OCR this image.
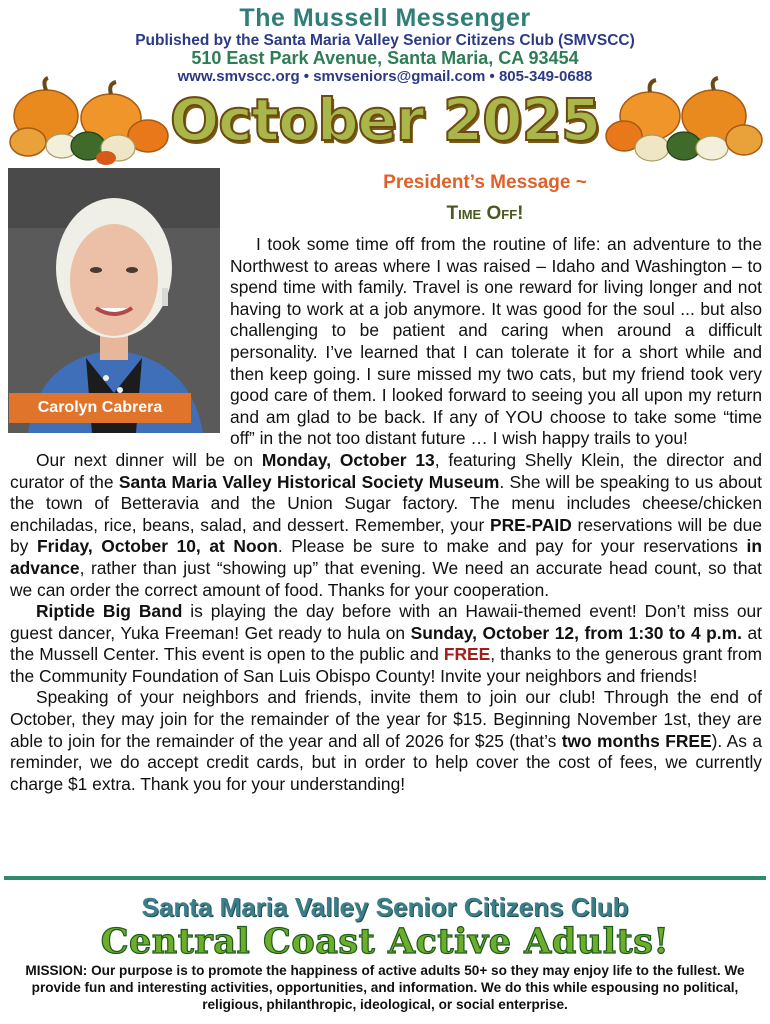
The Mussell Messenger
Published by the Santa Maria Valley Senior Citizens Club (SMVSCC)
510 East Park Avenue, Santa Maria, CA 93454
www.smvscc.org • smvseniors@gmail.com • 805-349-0688
October 2025
Carolyn Cabrera
President’s Message ~
Time Off!

I took some time off from the routine of life: an adventure to the Northwest to areas where I was raised – Idaho and Washington – to spend time with family. Travel is one reward for living longer and not having to work at a job anymore. It was good for the soul ... but also challenging to be patient and caring when around a difficult personality. I’ve learned that I can tolerate it for a short while and then keep going. I sure missed my two cats, but my friend took very good care of them. I looked forward to seeing you all upon my return and am glad to be back. If any of YOU choose to take some “time off” in the not too distant future … I wish happy trails to you!

Our next dinner will be on Monday, October 13, featuring Shelly Klein, the director and curator of the Santa Maria Valley Historical Society Museum. She will be speaking to us about the town of Betteravia and the Union Sugar factory. The menu includes cheese/chicken enchiladas, rice, beans, salad, and dessert. Remember, your PRE-PAID reservations will be due by Friday, October 10, at Noon. Please be sure to make and pay for your reservations in advance, rather than just “showing up” that evening. We need an accurate head count, so that we can order the correct amount of food. Thanks for your cooperation.

Riptide Big Band is playing the day before with an Hawaii-themed event! Don’t miss our guest dancer, Yuka Freeman! Get ready to hula on Sunday, October 12, from 1:30 to 4 p.m. at the Mussell Center. This event is open to the public and FREE, thanks to the generous grant from the Community Foundation of San Luis Obispo County! Invite your neighbors and friends!

Speaking of your neighbors and friends, invite them to join our club! Through the end of October, they may join for the remainder of the year for $15. Beginning November 1st, they are able to join for the remainder of the year and all of 2026 for $25 (that’s two months FREE). As a reminder, we do accept credit cards, but in order to help cover the cost of fees, we currently charge $1 extra. Thank you for your understanding!

Santa Maria Valley Senior Citizens Club
Central Coast Active Adults!
MISSION: Our purpose is to promote the happiness of active adults 50+ so they may enjoy life to the fullest. We provide fun and interesting activities, opportunities, and information. We do this while espousing no political, religious, philanthropic, ideological, or social enterprise.
